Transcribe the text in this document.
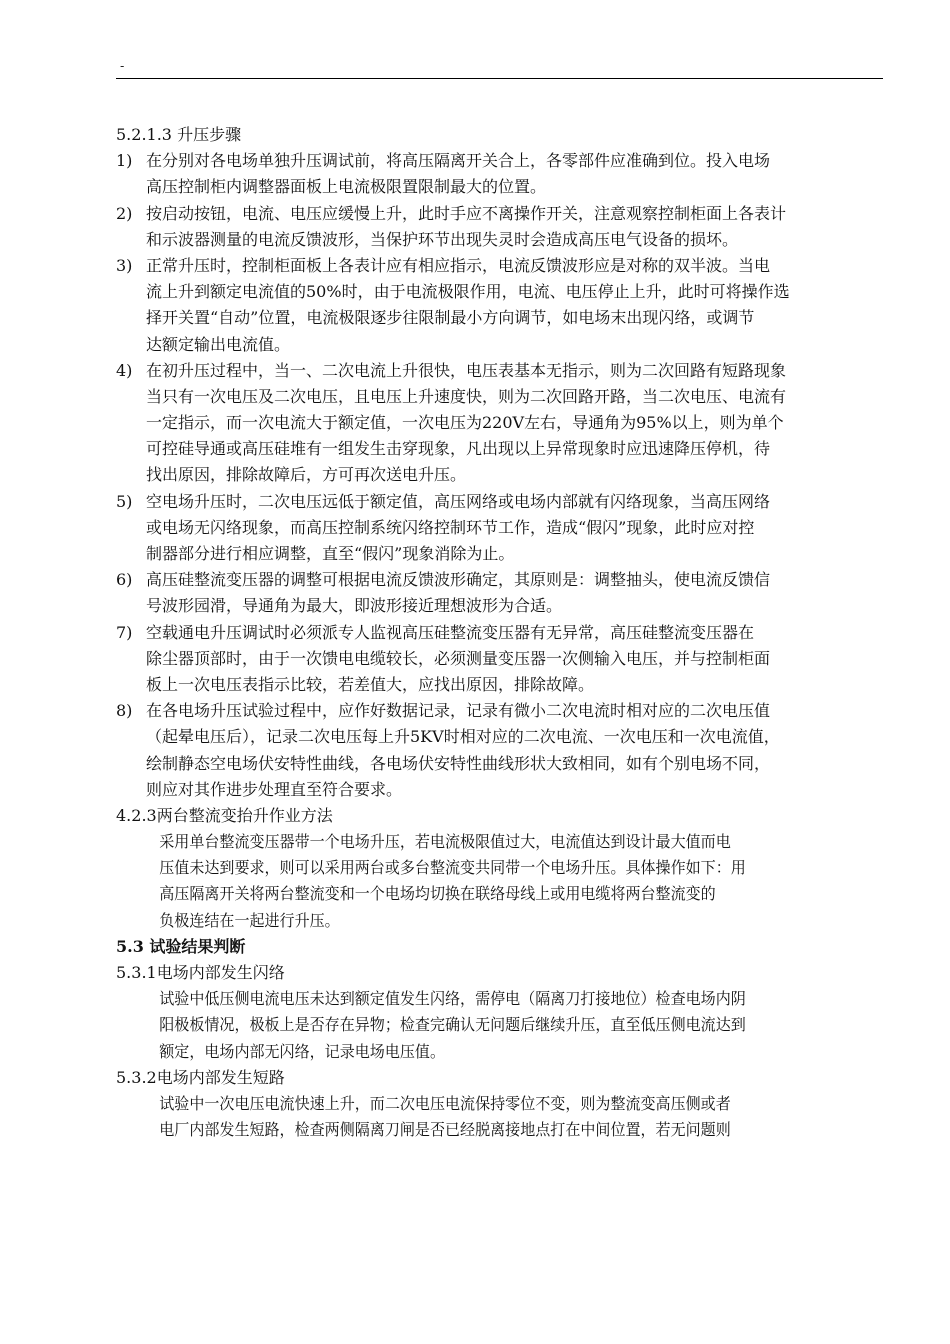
-
5.2.1.3 升压步骤
1) 在分别对各电场单独升压调试前，将高压隔离开关合上，各零部件应准确到位。投入电场
高压控制柜内调整器面板上电流极限置限制最大的位置。
2) 按启动按钮，电流、电压应缓慢上升，此时手应不离操作开关，注意观察控制柜面上各表计
和示波器测量的电流反馈波形，当保护环节出现失灵时会造成高压电气设备的损坏。
3) 正常升压时，控制柜面板上各表计应有相应指示，电流反馈波形应是对称的双半波。当电
流上升到额定电流值的50%时，由于电流极限作用，电流、电压停止上升，此时可将操作选
择开关置“自动”位置，电流极限逐步往限制最小方向调节，如电场末出现闪络，或调节
达额定输出电流值。
4) 在初升压过程中，当一、二次电流上升很快，电压表基本无指示，则为二次回路有短路现象
当只有一次电压及二次电压，且电压上升速度快，则为二次回路开路，当二次电压、电流有
一定指示，而一次电流大于额定值，一次电压为220V左右，导通角为95%以上，则为单个
可控硅导通或高压硅堆有一组发生击穿现象，凡出现以上异常现象时应迅速降压停机，待
找出原因，排除故障后，方可再次送电升压。
5) 空电场升压时，二次电压远低于额定值，高压网络或电场内部就有闪络现象，当高压网络
或电场无闪络现象，而高压控制系统闪络控制环节工作，造成“假闪”现象，此时应对控
制器部分进行相应调整，直至“假闪”现象消除为止。
6) 高压硅整流变压器的调整可根据电流反馈波形确定，其原则是：调整抽头，使电流反馈信
号波形园滑，导通角为最大，即波形接近理想波形为合适。
7) 空载通电升压调试时必须派专人监视高压硅整流变压器有无异常，高压硅整流变压器在
除尘器顶部时，由于一次馈电电缆较长，必须测量变压器一次侧输入电压，并与控制柜面
板上一次电压表指示比较，若差值大，应找出原因，排除故障。
8) 在各电场升压试验过程中，应作好数据记录，记录有微小二次电流时相对应的二次电压值
（起晕电压后），记录二次电压每上升5KV时相对应的二次电流、一次电压和一次电流值，
绘制静态空电场伏安特性曲线，各电场伏安特性曲线形状大致相同，如有个别电场不同，
则应对其作进步处理直至符合要求。
4.2.3两台整流变抬升作业方法
采用单台整流变压器带一个电场升压，若电流极限值过大，电流值达到设计最大值而电压值未达到要求，则可以采用两台或多台整流变共同带一个电场升压。具体操作如下：用高压隔离开关将两台整流变和一个电场均切换在联络母线上或用电缆将两台整流变的负极连结在一起进行升压。
5.3 试验结果判断
5.3.1电场内部发生闪络
试验中低压侧电流电压未达到额定值发生闪络，需停电（隔离刀打接地位）检查电场内阴阳极板情况，极板上是否存在异物；检查完确认无问题后继续升压，直至低压侧电流达到额定，电场内部无闪络，记录电场电压值。
5.3.2电场内部发生短路
试验中一次电压电流快速上升，而二次电压电流保持零位不变，则为整流变高压侧或者电厂内部发生短路，检查两侧隔离刀闸是否已经脱离接地点打在中间位置，若无问题则
